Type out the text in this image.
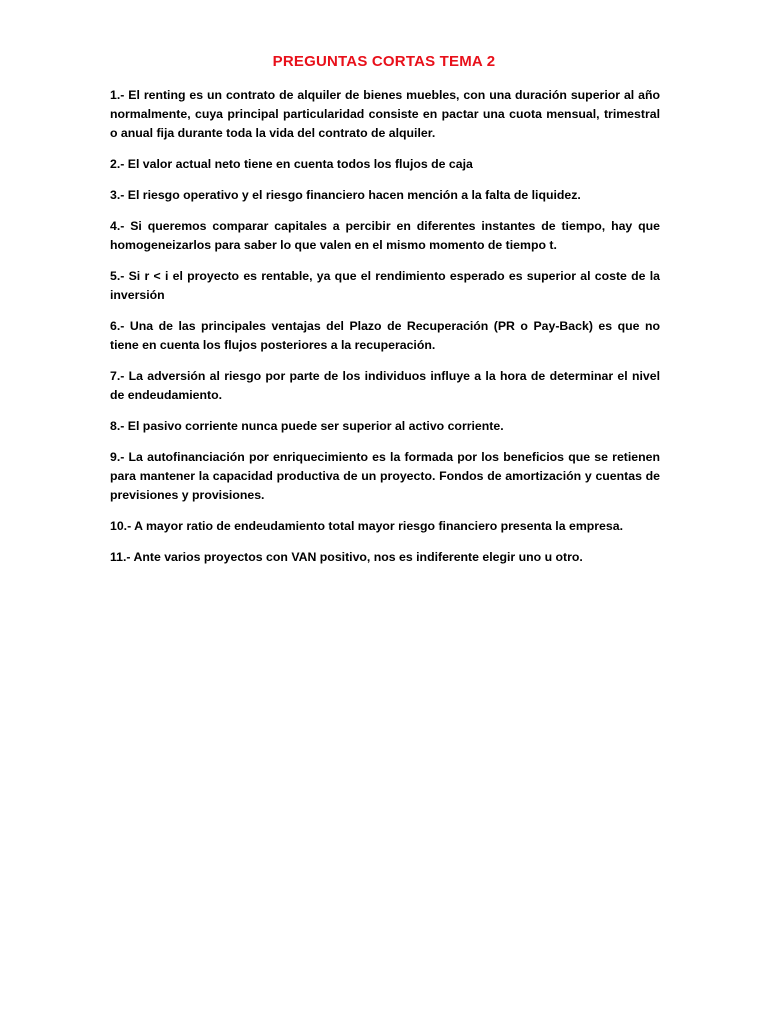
PREGUNTAS CORTAS TEMA 2
1.- El renting es un contrato de alquiler de bienes muebles, con una duración superior al año normalmente, cuya principal particularidad consiste en pactar una cuota mensual, trimestral o anual fija durante toda la vida del contrato de alquiler.
2.- El valor actual neto tiene en cuenta todos los flujos de caja
3.- El riesgo operativo y el riesgo financiero hacen mención a la falta de liquidez.
4.- Si queremos comparar capitales a percibir en diferentes instantes de tiempo, hay que homogeneizarlos para saber lo que valen en el mismo momento de tiempo t.
5.- Si r < i el proyecto es rentable, ya que el rendimiento esperado es superior al coste de la inversión
6.- Una de las principales ventajas del Plazo de Recuperación (PR o Pay-Back) es que no tiene en cuenta los flujos posteriores a la recuperación.
7.- La adversión al riesgo por parte de los individuos influye a la hora de determinar el nivel de endeudamiento.
8.- El pasivo corriente nunca puede ser superior al activo corriente.
9.- La autofinanciación por enriquecimiento es la formada por los beneficios que se retienen para mantener la capacidad productiva de un proyecto. Fondos de amortización y cuentas de previsiones y provisiones.
10.- A mayor ratio de endeudamiento total mayor riesgo financiero presenta la empresa.
11.- Ante varios proyectos con VAN positivo, nos es indiferente elegir uno u otro.
